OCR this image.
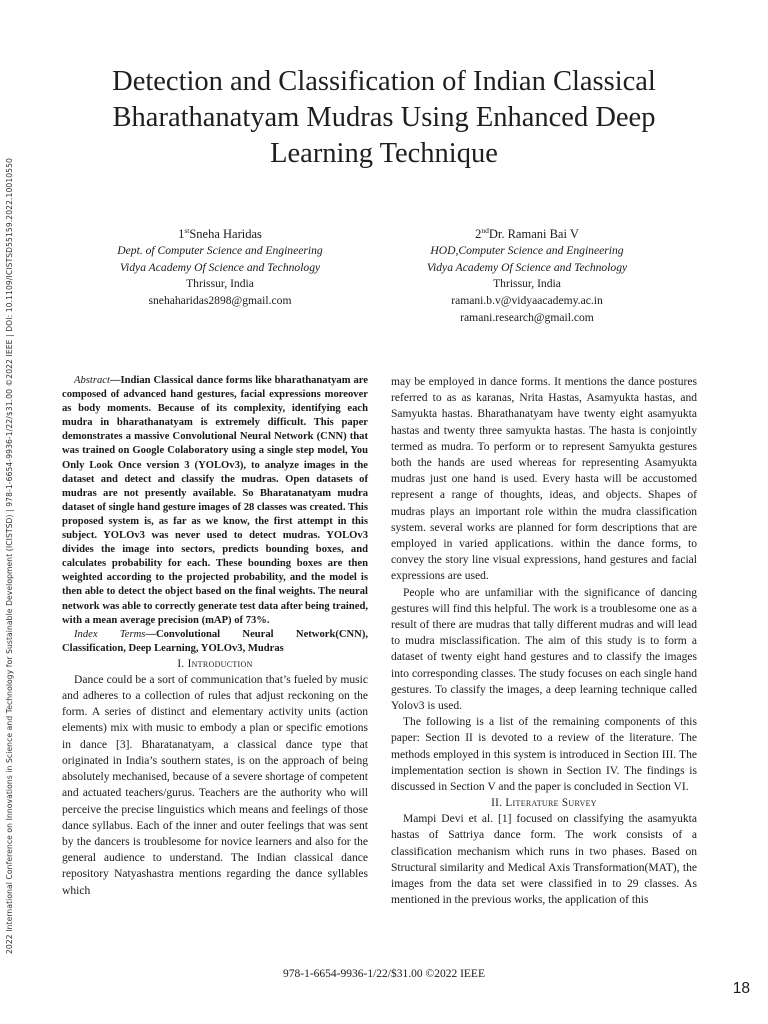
2022 International Conference on Innovations in Science and Technology for Sustainable Development (ICISTSD) | 978-1-6654-9936-1/22/$31.00 ©2022 IEEE | DOI: 10.1109/ICISTSD55159.2022.10010550
Detection and Classification of Indian Classical Bharathanatyam Mudras Using Enhanced Deep Learning Technique
1stSneha Haridas
Dept. of Computer Science and Engineering
Vidya Academy Of Science and Technology
Thrissur, India
snehaharidas2898@gmail.com
2ndDr. Ramani Bai V
HOD,Computer Science and Engineering
Vidya Academy Of Science and Technology
Thrissur, India
ramani.b.v@vidyaacademy.ac.in
ramani.research@gmail.com

Abstract—Indian Classical dance forms like bharathanatyam are composed of advanced hand gestures, facial expressions moreover as body moments. Because of its complexity, identifying each mudra in bharathanatyam is extremely difficult. This paper demonstrates a massive Convolutional Neural Network (CNN) that was trained on Google Colaboratory using a single step model, You Only Look Once version 3 (YOLOv3), to analyze images in the dataset and detect and classify the mudras. Open datasets of mudras are not presently available. So Bharatanatyam mudra dataset of single hand gesture images of 28 classes was created. This proposed system is, as far as we know, the first attempt in this subject. YOLOv3 was never used to detect mudras. YOLOv3 divides the image into sectors, predicts bounding boxes, and calculates probability for each. These bounding boxes are then weighted according to the projected probability, and the model is then able to detect the object based on the final weights. The neural network was able to correctly generate test data after being trained, with a mean average precision (mAP) of 73%.

Index Terms—Convolutional Neural Network(CNN), Classification, Deep Learning, YOLOv3, Mudras

I. Introduction

Dance could be a sort of communication that’s fueled by music and adheres to a collection of rules that adjust reckoning on the form. A series of distinct and elementary activity units (action elements) mix with music to embody a plan or specific emotions in dance [3]. Bharatanatyam, a classical dance type that originated in India’s southern states, is on the approach of being absolutely mechanised, because of a severe shortage of competent and actuated teachers/gurus. Teachers are the authority who will perceive the precise linguistics which means and feelings of those dance syllabus. Each of the inner and outer feelings that was sent by the dancers is troublesome for novice learners and also for the general audience to understand. The Indian classical dance repository Natyashastra mentions regarding the dance syllables which

may be employed in dance forms. It mentions the dance postures referred to as as karanas, Nrita Hastas, Asamyukta hastas, and Samyukta hastas. Bharathanatyam have twenty eight asamyukta hastas and twenty three samyukta hastas. The hasta is conjointly termed as mudra. To perform or to represent Samyukta gestures both the hands are used whereas for representing Asamyukta mudras just one hand is used. Every hasta will be accustomed represent a range of thoughts, ideas, and objects. Shapes of mudras plays an important role within the mudra classification system. several works are planned for form descriptions that are employed in varied applications. within the dance forms, to convey the story line visual expressions, hand gestures and facial expressions are used.

People who are unfamiliar with the significance of dancing gestures will find this helpful. The work is a troublesome one as a result of there are mudras that tally different mudras and will lead to mudra misclassification. The aim of this study is to form a dataset of twenty eight hand gestures and to classify the images into corresponding classes. The study focuses on each single hand gestures. To classify the images, a deep learning technique called Yolov3 is used.

The following is a list of the remaining components of this paper: Section II is devoted to a review of the literature. The methods employed in this system is introduced in Section III. The implementation section is shown in Section IV. The findings is discussed in Section V and the paper is concluded in Section VI.

II. Literature Survey

Mampi Devi et al. [1] focused on classifying the asamyukta hastas of Sattriya dance form. The work consists of a classification mechanism which runs in two phases. Based on Structural similarity and Medical Axis Transformation(MAT), the images from the data set were classified in to 29 classes. As mentioned in the previous works, the application of this

978-1-6654-9936-1/22/$31.00 ©2022 IEEE
18
